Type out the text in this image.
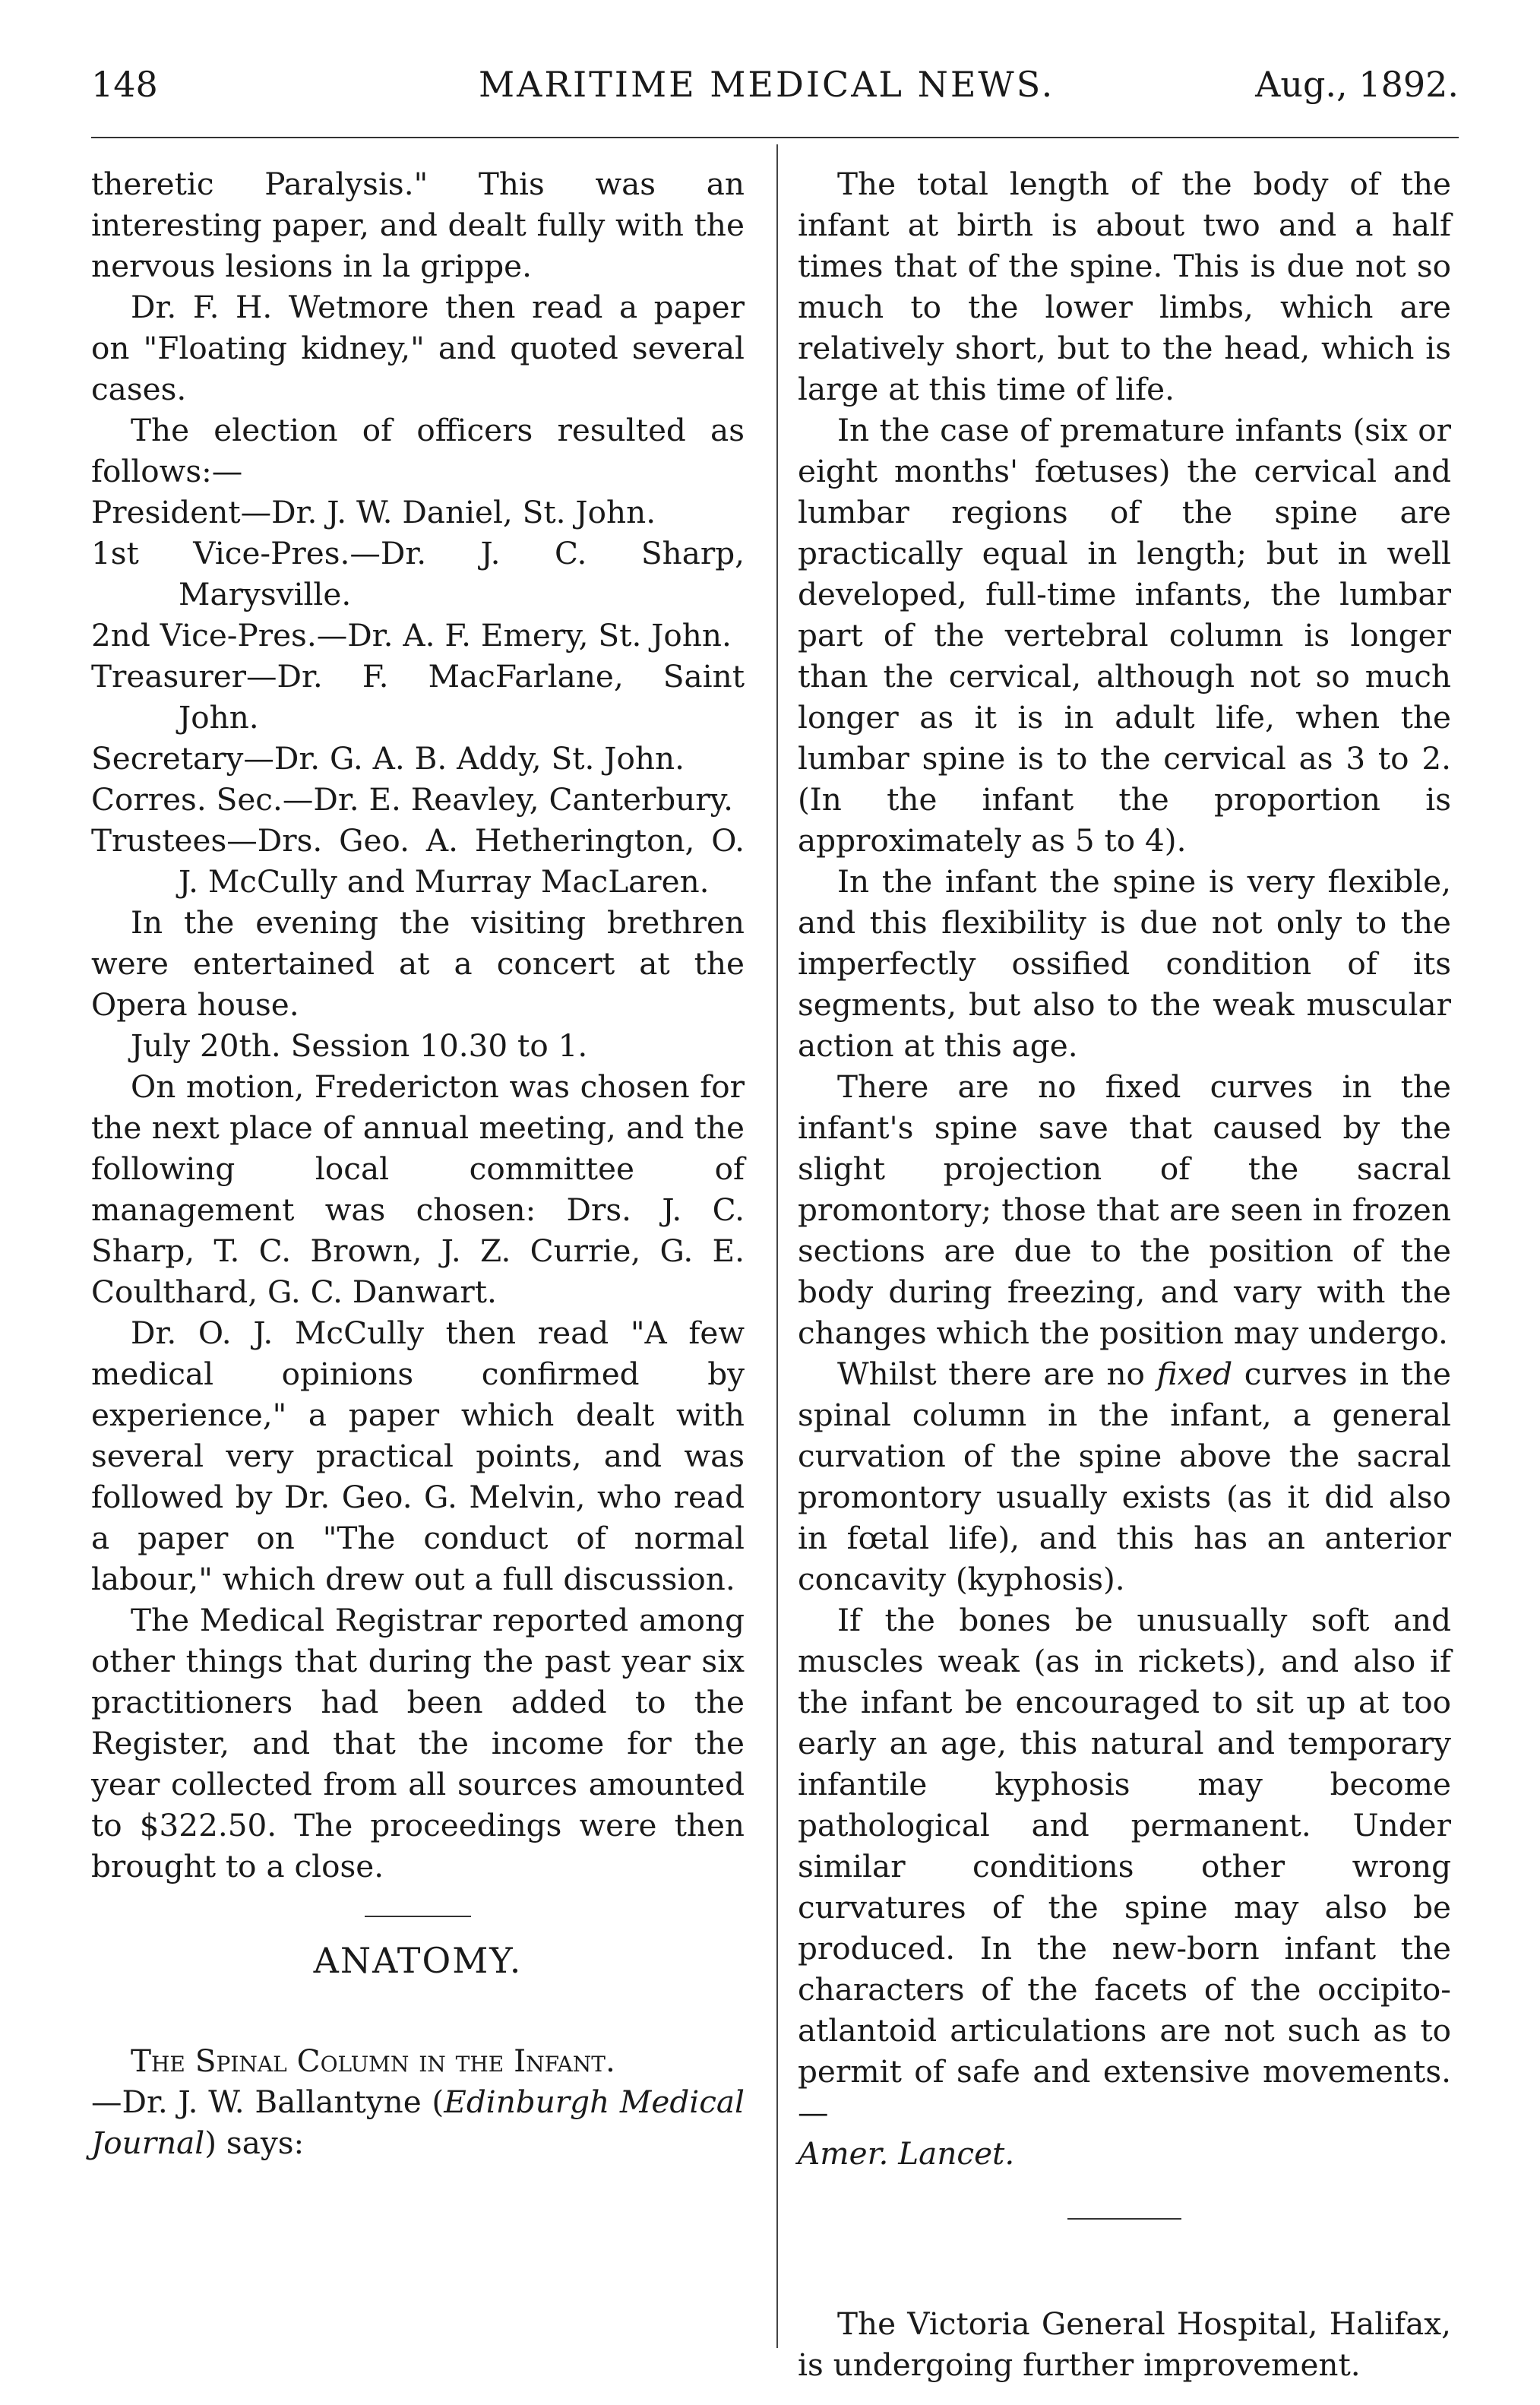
148	MARITIME MEDICAL NEWS.	Aug., 1892.

theretic Paralysis." This was an interesting paper, and dealt fully with the nervous lesions in la grippe.

Dr. F. H. Wetmore then read a paper on "Floating kidney," and quoted several cases.

The election of officers resulted as follows:—

President—Dr. J. W. Daniel, St. John.

1st Vice-Pres.—Dr. J. C. Sharp, Marysville.

2nd Vice-Pres.—Dr. A. F. Emery, St. John.

Treasurer—Dr. F. MacFarlane, Saint John.

Secretary—Dr. G. A. B. Addy, St. John.

Corres. Sec.—Dr. E. Reavley, Canterbury.

Trustees—Drs. Geo. A. Hetherington, O. J. McCully and Murray MacLaren.

In the evening the visiting brethren were entertained at a concert at the Opera house.

July 20th. Session 10.30 to 1.

On motion, Fredericton was chosen for the next place of annual meeting, and the following local committee of management was chosen: Drs. J. C. Sharp, T. C. Brown, J. Z. Currie, G. E. Coulthard, G. C. Danwart.

Dr. O. J. McCully then read "A few medical opinions confirmed by experience," a paper which dealt with several very practical points, and was followed by Dr. Geo. G. Melvin, who read a paper on "The conduct of normal labour," which drew out a full discussion.

The Medical Registrar reported among other things that during the past year six practitioners had been added to the Register, and that the income for the year collected from all sources amounted to $322.50. The proceedings were then brought to a close.

ANATOMY.

The Spinal Column in the Infant.
—Dr. J. W. Ballantyne (Edinburgh Medical Journal) says:

The total length of the body of the infant at birth is about two and a half times that of the spine. This is due not so much to the lower limbs, which are relatively short, but to the head, which is large at this time of life.

In the case of premature infants (six or eight months' fœtuses) the cervical and lumbar regions of the spine are practically equal in length; but in well developed, full-time infants, the lumbar part of the vertebral column is longer than the cervical, although not so much longer as it is in adult life, when the lumbar spine is to the cervical as 3 to 2. (In the infant the proportion is approximately as 5 to 4).

In the infant the spine is very flexible, and this flexibility is due not only to the imperfectly ossified condition of its segments, but also to the weak muscular action at this age.

There are no fixed curves in the infant's spine save that caused by the slight projection of the sacral promontory; those that are seen in frozen sections are due to the position of the body during freezing, and vary with the changes which the position may undergo.

Whilst there are no fixed curves in the spinal column in the infant, a general curvation of the spine above the sacral promontory usually exists (as it did also in fœtal life), and this has an anterior concavity (kyphosis).

If the bones be unusually soft and muscles weak (as in rickets), and also if the infant be encouraged to sit up at too early an age, this natural and temporary infantile kyphosis may become pathological and permanent. Under similar conditions other wrong curvatures of the spine may also be produced. In the new-born infant the characters of the facets of the occipito-atlantoid articulations are not such as to permit of safe and extensive movements.—
Amer. Lancet.

The Victoria General Hospital, Halifax, is undergoing further improvement.
